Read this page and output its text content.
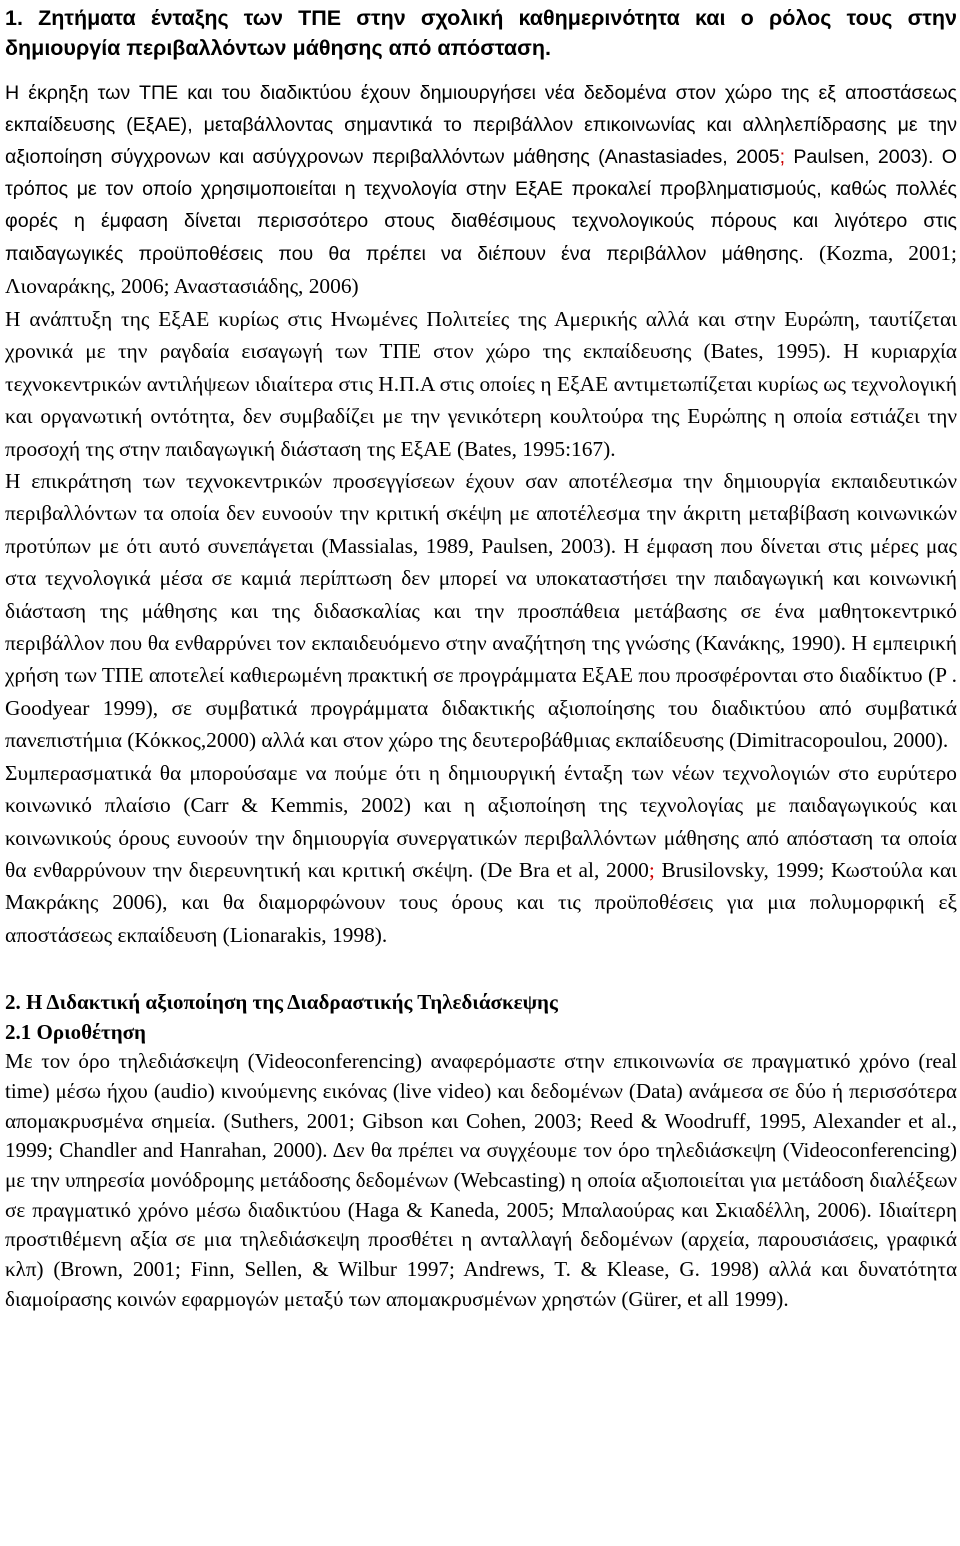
1. Ζητήματα ένταξης των ΤΠΕ στην σχολική καθημερινότητα και ο ρόλος τους στην δημιουργία περιβαλλόντων μάθησης από απόσταση.

Η έκρηξη των ΤΠΕ και του διαδικτύου έχουν δημιουργήσει νέα δεδομένα στον χώρο της εξ αποστάσεως εκπαίδευσης (ΕξΑΕ), μεταβάλλοντας σημαντικά το περιβάλλον επικοινωνίας και αλληλεπίδρασης με την αξιοποίηση σύγχρονων και ασύγχρονων περιβαλλόντων μάθησης (Anastasiades, 2005; Paulsen, 2003). Ο τρόπος με τον οποίο χρησιμοποιείται η τεχνολογία στην ΕξΑΕ προκαλεί προβληματισμούς, καθώς πολλές φορές η έμφαση δίνεται περισσότερο στους διαθέσιμους τεχνολογικούς πόρους και λιγότερο στις παιδαγωγικές προϋποθέσεις που θα πρέπει να διέπουν ένα περιβάλλον μάθησης. (Kozma, 2001; Λιοναράκης, 2006; Αναστασιάδης, 2006)

Η ανάπτυξη της ΕξΑΕ κυρίως στις Ηνωμένες Πολιτείες της Αμερικής αλλά και στην Ευρώπη, ταυτίζεται χρονικά με την ραγδαία εισαγωγή των ΤΠΕ στον χώρο της εκπαίδευσης (Bates, 1995). Η κυριαρχία τεχνοκεντρικών αντιλήψεων ιδιαίτερα στις Η.Π.Α στις οποίες η ΕξΑΕ αντιμετωπίζεται κυρίως ως τεχνολογική και οργανωτική οντότητα, δεν συμβαδίζει με την γενικότερη κουλτούρα της Ευρώπης η οποία εστιάζει την προσοχή της στην παιδαγωγική διάσταση της ΕξΑΕ (Bates, 1995:167).

Η επικράτηση των τεχνοκεντρικών προσεγγίσεων έχουν σαν αποτέλεσμα την δημιουργία εκπαιδευτικών περιβαλλόντων τα οποία δεν ευνοούν την κριτική σκέψη με αποτέλεσμα την άκριτη μεταβίβαση κοινωνικών προτύπων με ότι αυτό συνεπάγεται (Massialas, 1989, Paulsen, 2003). Η έμφαση που δίνεται στις μέρες μας στα τεχνολογικά μέσα σε καμιά περίπτωση δεν μπορεί να υποκαταστήσει την παιδαγωγική και κοινωνική διάσταση της μάθησης και της διδασκαλίας και την προσπάθεια μετάβασης σε ένα μαθητοκεντρικό περιβάλλον που θα ενθαρρύνει τον εκπαιδευόμενο στην αναζήτηση της γνώσης (Κανάκης, 1990). Η εμπειρική χρήση των ΤΠΕ αποτελεί καθιερωμένη πρακτική σε προγράμματα ΕξΑΕ που προσφέρονται στο διαδίκτυο (P . Goodyear 1999), σε συμβατικά προγράμματα διδακτικής αξιοποίησης του διαδικτύου από συμβατικά πανεπιστήμια (Κόκκος,2000) αλλά και στον χώρο της δευτεροβάθμιας εκπαίδευσης (Dimitracopoulou, 2000).

Συμπερασματικά θα μπορούσαμε να πούμε ότι η δημιουργική ένταξη των νέων τεχνολογιών στο ευρύτερο κοινωνικό πλαίσιο (Carr & Kemmis, 2002) και η αξιοποίηση της τεχνολογίας με παιδαγωγικούς και κοινωνικούς όρους ευνοούν την δημιουργία συνεργατικών περιβαλλόντων μάθησης από απόσταση τα οποία θα ενθαρρύνουν την διερευνητική και κριτική σκέψη. (De Bra et al, 2000; Brusilovsky, 1999; Κωστούλα και Μακράκης 2006), και θα διαμορφώνουν τους όρους και τις προϋποθέσεις για μια πολυμορφική εξ αποστάσεως εκπαίδευση (Lionarakis, 1998).

2. Η Διδακτική αξιοποίηση της Διαδραστικής Τηλεδιάσκεψης
2.1 Οριοθέτηση

Με τον όρο τηλεδιάσκεψη (Videoconferencing) αναφερόμαστε στην επικοινωνία σε πραγματικό χρόνο (real time) μέσω ήχου (audio) κινούμενης εικόνας (live video) και δεδομένων (Data) ανάμεσα σε δύο ή περισσότερα απομακρυσμένα σημεία. (Suthers, 2001; Gibson και Cohen, 2003; Reed & Woodruff, 1995, Alexander et al., 1999; Chandler and Hanrahan, 2000). Δεν θα πρέπει να συγχέουμε τον όρο τηλεδιάσκεψη (Videoconferencing) με την υπηρεσία μονόδρομης μετάδοσης δεδομένων (Webcasting) η οποία αξιοποιείται για μετάδοση διαλέξεων σε πραγματικό χρόνο μέσω διαδικτύου (Haga & Kaneda, 2005; Μπαλαούρας και Σκιαδέλλη, 2006). Ιδιαίτερη προστιθέμενη αξία σε μια τηλεδιάσκεψη προσθέτει η ανταλλαγή δεδομένων (αρχεία, παρουσιάσεις, γραφικά κλπ) (Brown, 2001; Finn, Sellen, & Wilbur 1997; Andrews, T. & Klease, G. 1998) αλλά και δυνατότητα διαμοίρασης κοινών εφαρμογών μεταξύ των απομακρυσμένων χρηστών (Gürer, et all 1999).
